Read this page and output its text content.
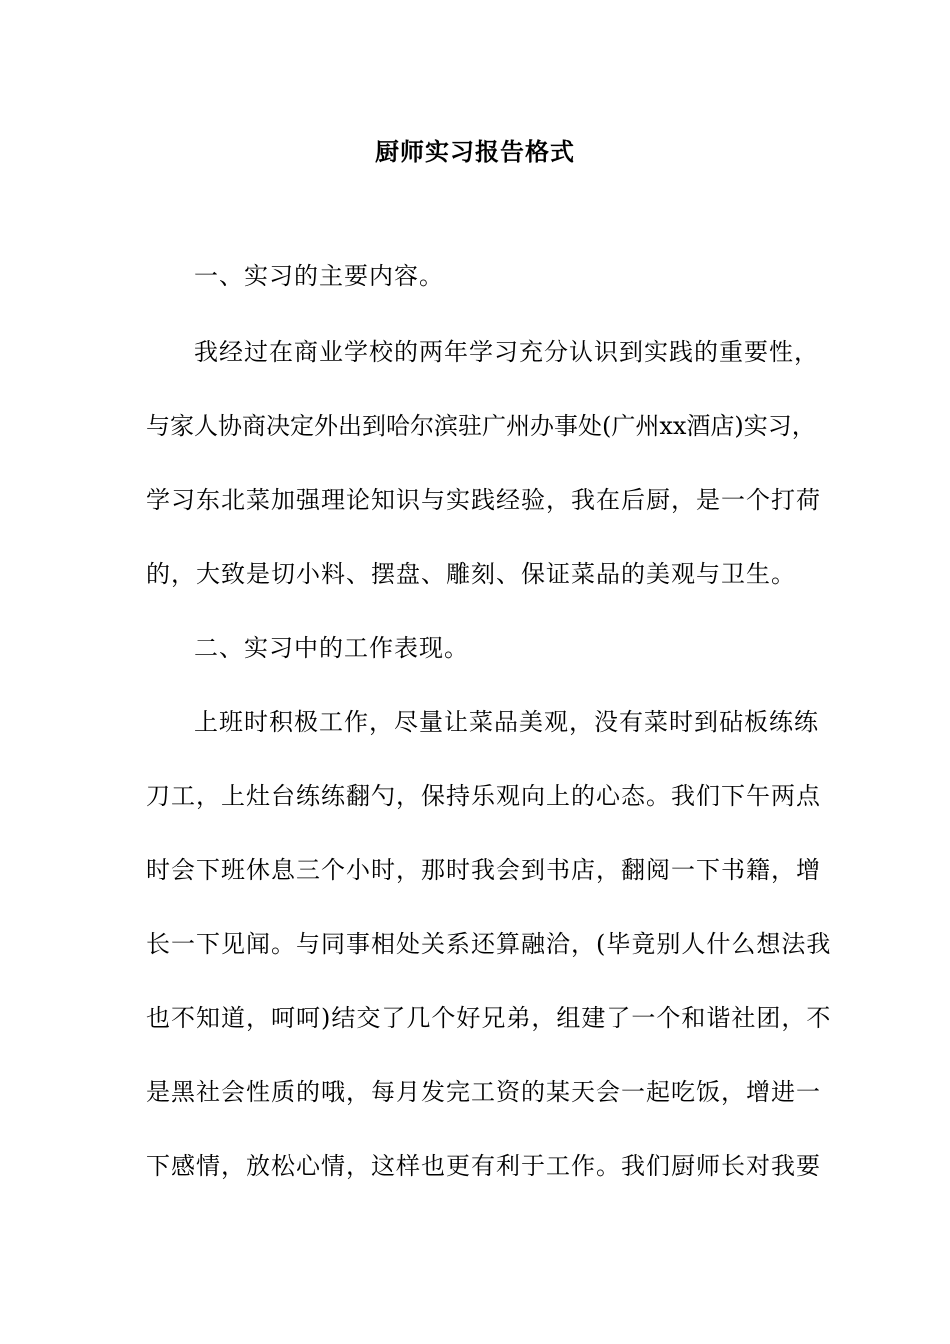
厨师实习报告格式
一、实习的主要内容。
我经过在商业学校的两年学习充分认识到实践的重要性，
与家人协商决定外出到哈尔滨驻广州办事处(广州xx酒店)实习，
学习东北菜加强理论知识与实践经验，我在后厨，是一个打荷
的，大致是切小料、摆盘、雕刻、保证菜品的美观与卫生。
二、实习中的工作表现。
上班时积极工作，尽量让菜品美观，没有菜时到砧板练练
刀工，上灶台练练翻勺，保持乐观向上的心态。我们下午两点
时会下班休息三个小时，那时我会到书店，翻阅一下书籍，增
长一下见闻。与同事相处关系还算融洽，(毕竟别人什么想法我
也不知道，呵呵)结交了几个好兄弟，组建了一个和谐社团，不
是黑社会性质的哦，每月发完工资的某天会一起吃饭，增进一
下感情，放松心情，这样也更有利于工作。我们厨师长对我要
